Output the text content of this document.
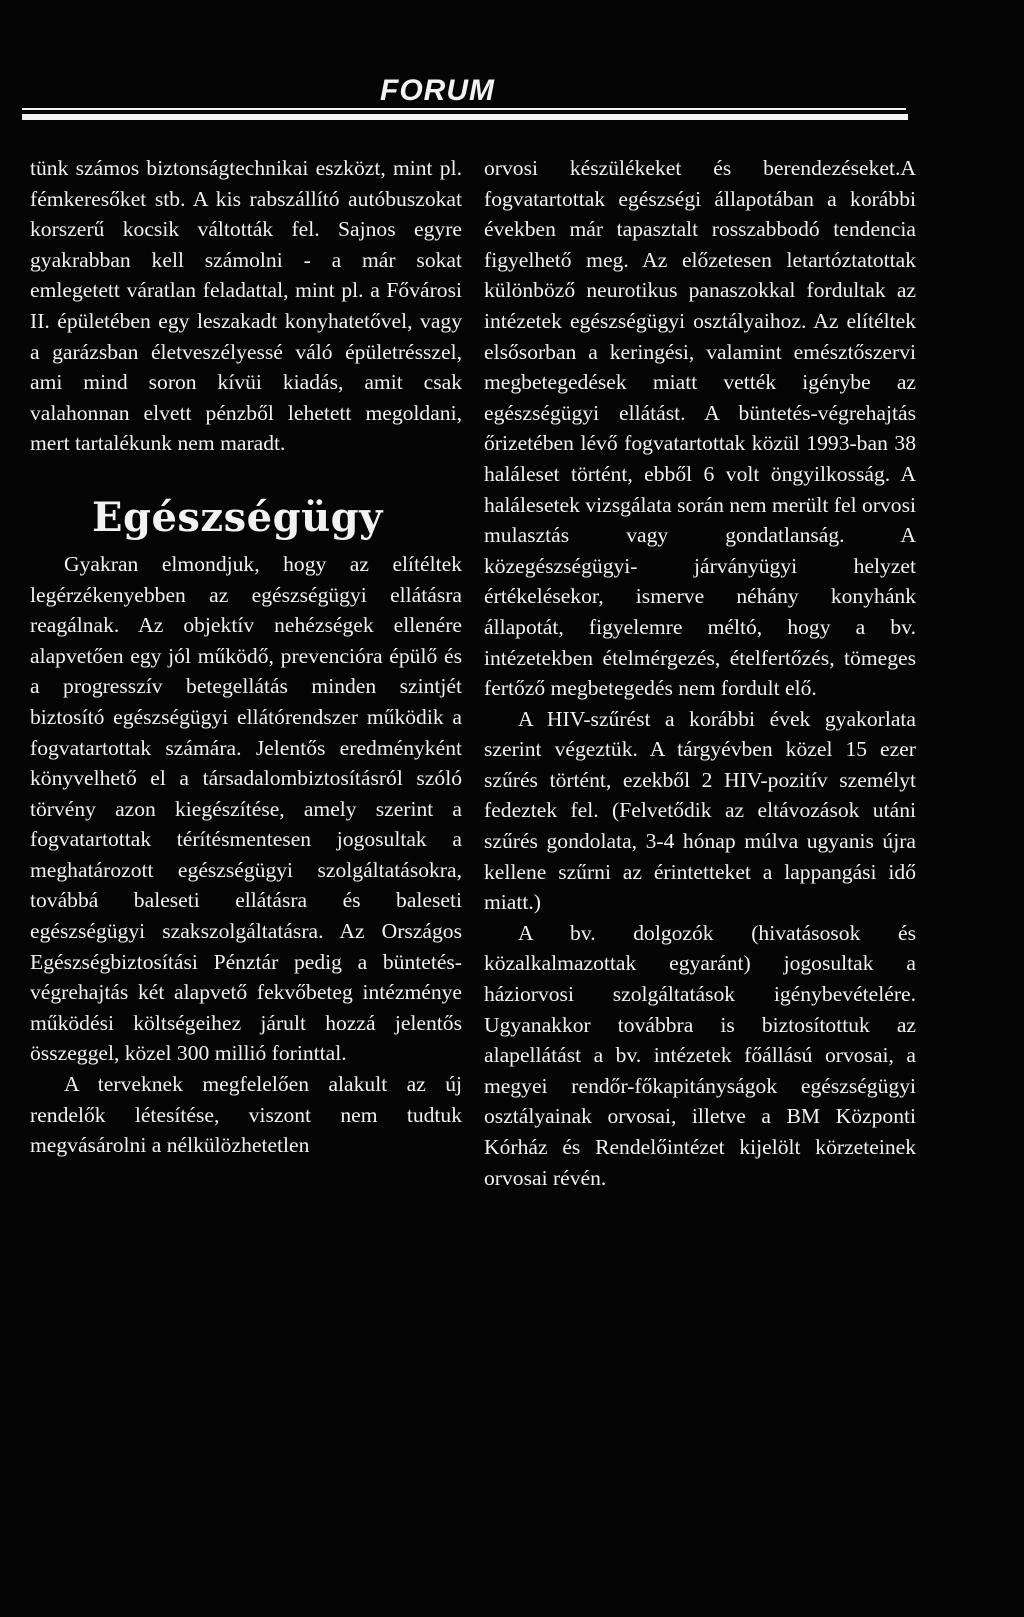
FORUM

tünk számos biztonságtechnikai eszközt, mint pl. fémkeresőket stb. A kis rabszállító autóbuszokat korszerű kocsik váltották fel. Sajnos egyre gyakrabban kell számolni - a már sokat emlegetett váratlan feladattal, mint pl. a Fővárosi II. épületében egy leszakadt konyhatetővel, vagy a garázsban életveszélyessé váló épületrésszel, ami mind soron kívüi kiadás, amit csak valahonnan elvett pénzből lehetett megoldani, mert tartalékunk nem maradt.

Egészségügy

Gyakran elmondjuk, hogy az elítéltek legérzékenyebben az egészségügyi ellátásra reagálnak. Az objektív nehézségek ellenére alapvetően egy jól működő, prevencióra épülő és a progresszív betegellátás minden szintjét biztosító egészségügyi ellátórendszer működik a fogvatartottak számára. Jelentős eredményként könyvelhető el a társadalombiztosításról szóló törvény azon kiegészítése, amely szerint a fogvatartottak térítésmentesen jogosultak a meghatározott egészségügyi szolgáltatásokra, továbbá baleseti ellátásra és baleseti egészségügyi szakszolgáltatásra. Az Országos Egészségbiztosítási Pénztár pedig a büntetés-végrehajtás két alapvető fekvőbeteg intézménye működési költségeihez járult hozzá jelentős összeggel, közel 300 millió forinttal.

A terveknek megfelelően alakult az új rendelők létesítése, viszont nem tudtuk megvásárolni a nélkülözhetetlen

orvosi készülékeket és berendezéseket.A fogvatartottak egészségi állapotában a korábbi években már tapasztalt rosszabbodó tendencia figyelhető meg. Az előzetesen letartóztatottak különböző neurotikus panaszokkal fordultak az intézetek egészségügyi osztályaihoz. Az elítéltek elsősorban a keringési, valamint emésztőszervi megbetegedések miatt vették igénybe az egészségügyi ellátást. A büntetés-végrehajtás őrizetében lévő fogvatartottak közül 1993-ban 38 haláleset történt, ebből 6 volt öngyilkosság. A halálesetek vizsgálata során nem merült fel orvosi mulasztás vagy gondatlanság. A közegészségügyi- járványügyi helyzet értékelésekor, ismerve néhány konyhánk állapotát, figyelemre méltó, hogy a bv. intézetekben ételmérgezés, ételfertőzés, tömeges fertőző megbetegedés nem fordult elő.

A HIV-szűrést a korábbi évek gyakorlata szerint végeztük. A tárgyévben közel 15 ezer szűrés történt, ezekből 2 HIV-pozitív személyt fedeztek fel. (Felvetődik az eltávozások utáni szűrés gondolata, 3-4 hónap múlva ugyanis újra kellene szűrni az érintetteket a lappangási idő miatt.)

A bv. dolgozók (hivatásosok és közalkalmazottak egyaránt) jogosultak a háziorvosi szolgáltatások igénybevételére. Ugyanakkor továbbra is biztosítottuk az alapellátást a bv. intézetek főállású orvosai, a megyei rendőr-főkapitányságok egészségügyi osztályainak orvosai, illetve a BM Központi Kórház és Rendelőintézet kijelölt körzeteinek orvosai révén.
